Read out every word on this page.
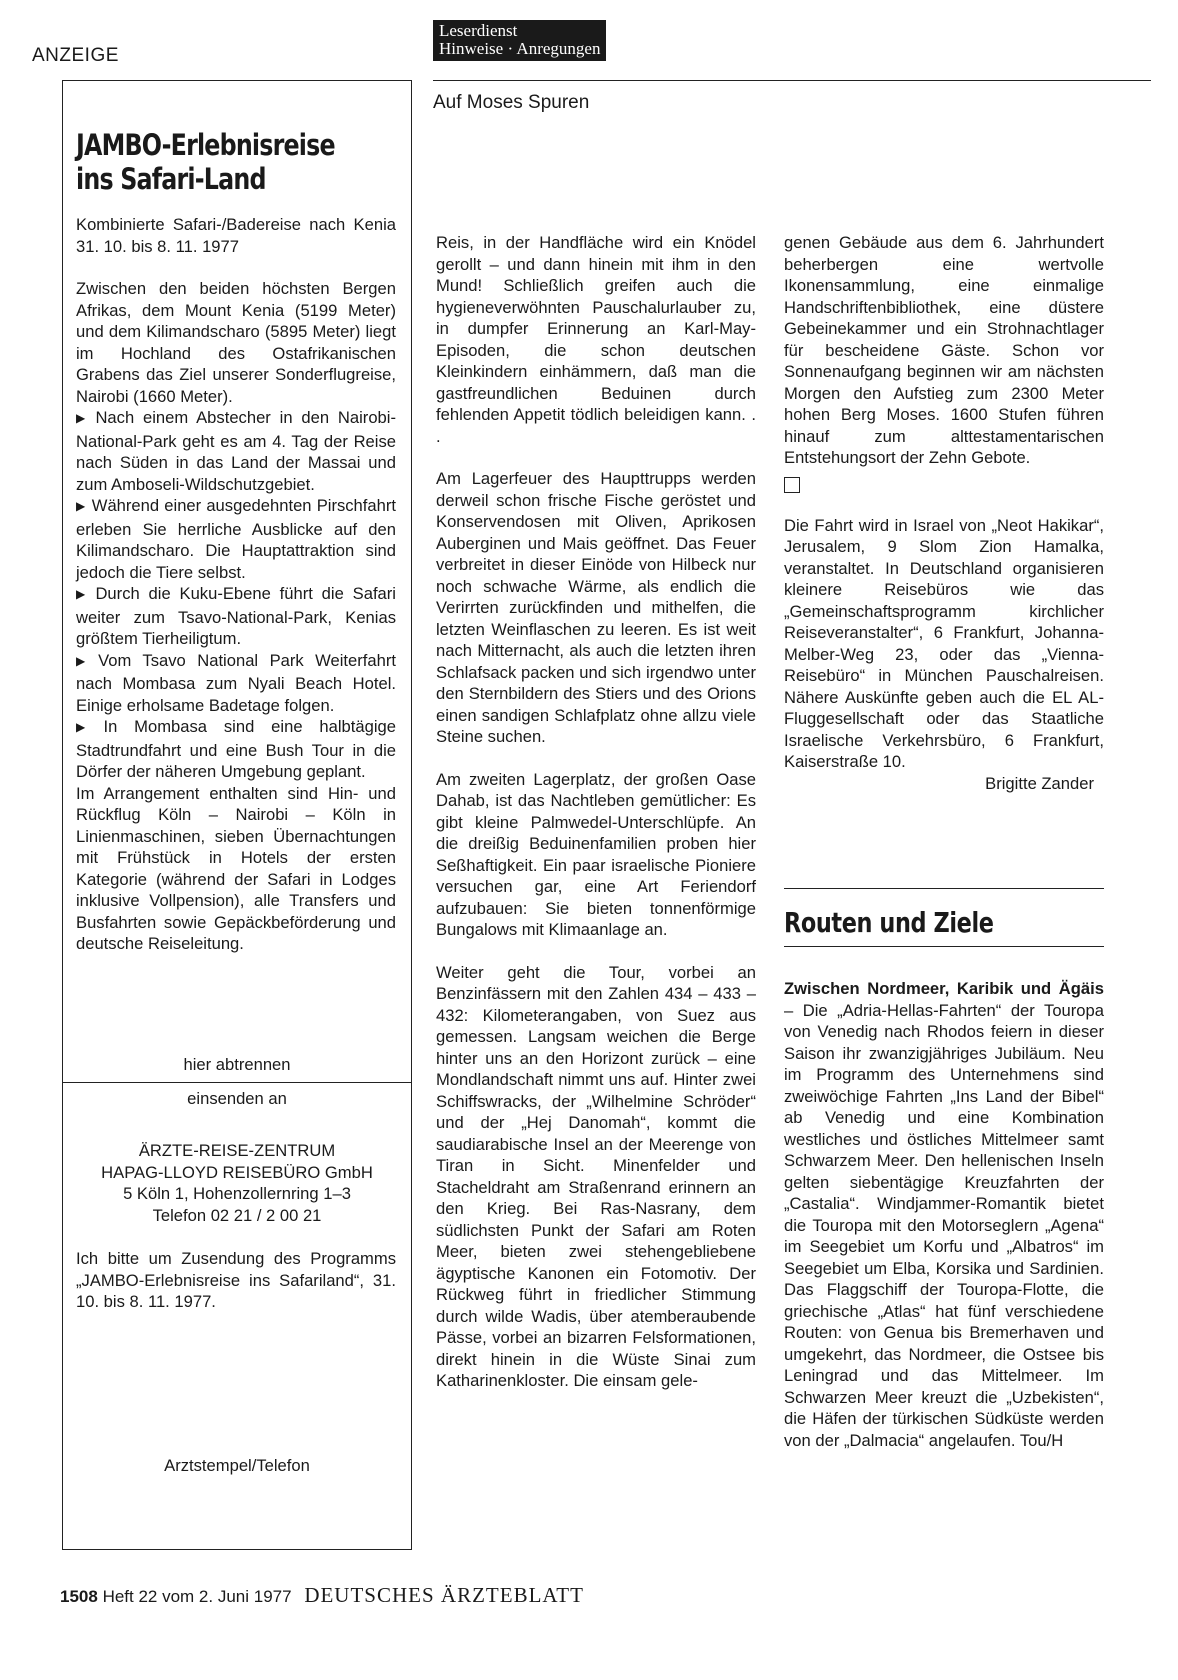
ANZEIGE
JAMBO-Erlebnisreise
ins Safari-Land

Kombinierte Safari-/Badereise nach Kenia 31. 10. bis 8. 11. 1977

Zwischen den beiden höchsten Bergen Afrikas, dem Mount Kenia (5199 Meter) und dem Kilimandscharo (5895 Meter) liegt im Hochland des Ostafrikanischen Grabens das Ziel unserer Sonderflugreise, Nairobi (1660 Meter).

▶ Nach einem Abstecher in den Nairobi-National-Park geht es am 4. Tag der Reise nach Süden in das Land der Massai und zum Amboseli-Wildschutzgebiet.

▶ Während einer ausgedehnten Pirschfahrt erleben Sie herrliche Ausblicke auf den Kilimandscharo. Die Hauptattraktion sind jedoch die Tiere selbst.

▶ Durch die Kuku-Ebene führt die Safari weiter zum Tsavo-National-Park, Kenias größtem Tierheiligtum.

▶ Vom Tsavo National Park Weiterfahrt nach Mombasa zum Nyali Beach Hotel. Einige erholsame Badetage folgen.

▶ In Mombasa sind eine halbtägige Stadtrundfahrt und eine Bush Tour in die Dörfer der näheren Umgebung geplant.

Im Arrangement enthalten sind Hin- und Rückflug Köln – Nairobi – Köln in Linienmaschinen, sieben Übernachtungen mit Frühstück in Hotels der ersten Kategorie (während der Safari in Lodges inklusive Vollpension), alle Transfers und Busfahrten sowie Gepäckbeförderung und deutsche Reiseleitung.

hier abtrennen
einsenden an
ÄRZTE-REISE-ZENTRUM
HAPAG-LLOYD REISEBÜRO GmbH
5 Köln 1, Hohenzollernring 1–3
Telefon 02 21 / 2 00 21
Ich bitte um Zusendung des Programms „JAMBO-Erlebnisreise ins Safariland“, 31. 10. bis 8. 11. 1977.
Arztstempel/Telefon
Leserdienst
Hinweise · Anregungen
Auf Moses Spuren

Reis, in der Handfläche wird ein Knödel gerollt – und dann hinein mit ihm in den Mund! Schließlich greifen auch die hygieneverwöhnten Pauschalurlauber zu, in dumpfer Erinnerung an Karl-May-Episoden, die schon deutschen Kleinkindern einhämmern, daß man die gastfreundlichen Beduinen durch fehlenden Appetit tödlich beleidigen kann. . .

Am Lagerfeuer des Haupttrupps werden derweil schon frische Fische geröstet und Konservendosen mit Oliven, Aprikosen Auberginen und Mais geöffnet. Das Feuer verbreitet in dieser Einöde von Hilbeck nur noch schwache Wärme, als endlich die Verirrten zurückfinden und mithelfen, die letzten Weinflaschen zu leeren. Es ist weit nach Mitternacht, als auch die letzten ihren Schlafsack packen und sich irgendwo unter den Sternbildern des Stiers und des Orions einen sandigen Schlafplatz ohne allzu viele Steine suchen.

Am zweiten Lagerplatz, der großen Oase Dahab, ist das Nachtleben gemütlicher: Es gibt kleine Palmwedel-Unterschlüpfe. An die dreißig Beduinenfamilien proben hier Seßhaftigkeit. Ein paar israelische Pioniere versuchen gar, eine Art Feriendorf aufzubauen: Sie bieten tonnenförmige Bungalows mit Klimaanlage an.

Weiter geht die Tour, vorbei an Benzinfässern mit den Zahlen 434 – 433 – 432: Kilometerangaben, von Suez aus gemessen. Langsam weichen die Berge hinter uns an den Horizont zurück – eine Mondlandschaft nimmt uns auf. Hinter zwei Schiffswracks, der „Wilhelmine Schröder“ und der „Hej Danomah“, kommt die saudiarabische Insel an der Meerenge von Tiran in Sicht. Minenfelder und Stacheldraht am Straßenrand erinnern an den Krieg. Bei Ras-Nasrany, dem südlichsten Punkt der Safari am Roten Meer, bieten zwei stehengebliebene ägyptische Kanonen ein Fotomotiv. Der Rückweg führt in friedlicher Stimmung durch wilde Wadis, über atemberaubende Pässe, vorbei an bizarren Felsformationen, direkt hinein in die Wüste Sinai zum Katharinenkloster. Die einsam gele-

genen Gebäude aus dem 6. Jahrhundert beherbergen eine wertvolle Ikonensammlung, eine einmalige Handschriftenbibliothek, eine düstere Gebeinekammer und ein Strohnachtlager für bescheidene Gäste. Schon vor Sonnenaufgang beginnen wir am nächsten Morgen den Aufstieg zum 2300 Meter hohen Berg Moses. 1600 Stufen führen hinauf zum alttestamentarischen Entstehungsort der Zehn Gebote.

Die Fahrt wird in Israel von „Neot Hakikar“, Jerusalem, 9 Slom Zion Hamalka, veranstaltet. In Deutschland organisieren kleinere Reisebüros wie das „Gemeinschaftsprogramm kirchlicher Reiseveranstalter“, 6 Frankfurt, Johanna-Melber-Weg 23, oder das „Vienna-Reisebüro“ in München Pauschalreisen. Nähere Auskünfte geben auch die EL AL-Fluggesellschaft oder das Staatliche Israelische Verkehrsbüro, 6 Frankfurt, Kaiserstraße 10.

Brigitte Zander

Routen und Ziele

Zwischen Nordmeer, Karibik und Ägäis – Die „Adria-Hellas-Fahrten“ der Touropa von Venedig nach Rhodos feiern in dieser Saison ihr zwanzigjähriges Jubiläum. Neu im Programm des Unternehmens sind zweiwöchige Fahrten „Ins Land der Bibel“ ab Venedig und eine Kombination westliches und östliches Mittelmeer samt Schwarzem Meer. Den hellenischen Inseln gelten siebentägige Kreuzfahrten der „Castalia“. Windjammer-Romantik bietet die Touropa mit den Motorseglern „Agena“ im Seegebiet um Korfu und „Albatros“ im Seegebiet um Elba, Korsika und Sardinien. Das Flaggschiff der Touropa-Flotte, die griechische „Atlas“ hat fünf verschiedene Routen: von Genua bis Bremerhaven und umgekehrt, das Nordmeer, die Ostsee bis Leningrad und das Mittelmeer. Im Schwarzen Meer kreuzt die „Uzbekisten“, die Häfen der türkischen Südküste werden von der „Dalmacia“ angelaufen. Tou/H

1508 Heft 22 vom 2. Juni 1977 DEUTSCHES ÄRZTEBLATT
